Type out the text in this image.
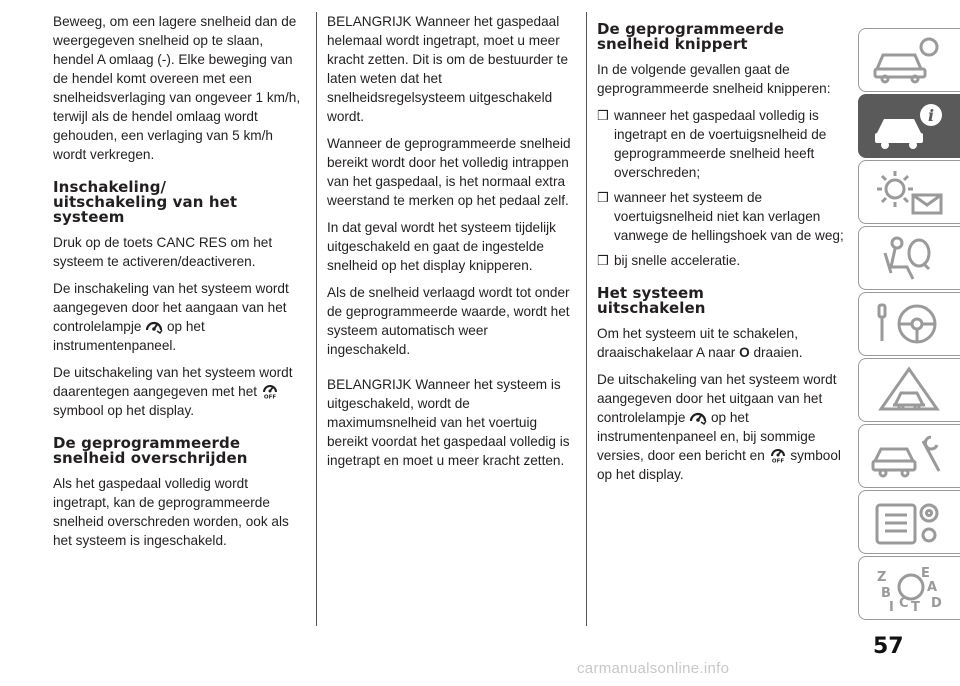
Beweeg, om een lagere snelheid dan de weergegeven snelheid op te slaan, hendel A omlaag (-). Elke beweging van de hendel komt overeen met een snelheidsverlaging van ongeveer 1 km/h, terwijl als de hendel omlaag wordt gehouden, een verlaging van 5 km/h wordt verkregen.

Inschakeling/
uitschakeling van het
systeem

Druk op de toets CANC RES om het systeem te activeren/deactiveren.

De inschakeling van het systeem wordt aangegeven door het aangaan van het controlelampje op het instrumentenpaneel.

De uitschakeling van het systeem wordt daarentegen aangegeven met het OFF
symbool op het display.

De geprogrammeerde
snelheid overschrijden

Als het gaspedaal volledig wordt ingetrapt, kan de geprogrammeerde snelheid overschreden worden, ook als het systeem is ingeschakeld.

BELANGRIJK Wanneer het gaspedaal helemaal wordt ingetrapt, moet u meer kracht zetten. Dit is om de bestuurder te laten weten dat het snelheidsregelsysteem uitgeschakeld wordt.

Wanneer de geprogrammeerde snelheid bereikt wordt door het volledig intrappen van het gaspedaal, is het normaal extra weerstand te merken op het pedaal zelf.

In dat geval wordt het systeem tijdelijk uitgeschakeld en gaat de ingestelde snelheid op het display knipperen.

Als de snelheid verlaagd wordt tot onder de geprogrammeerde waarde, wordt het systeem automatisch weer ingeschakeld.

BELANGRIJK Wanneer het systeem is uitgeschakeld, wordt de maximumsnelheid van het voertuig bereikt voordat het gaspedaal volledig is ingetrapt en moet u meer kracht zetten.

De geprogrammeerde
snelheid knippert

In de volgende gevallen gaat de geprogrammeerde snelheid knipperen:

❒ wanneer het gaspedaal volledig is ingetrapt en de voertuigsnelheid de geprogrammeerde snelheid heeft overschreden;
❒ wanneer het systeem de voertuigsnelheid niet kan verlagen vanwege de hellingshoek van de weg;
❒ bij snelle acceleratie.
Het systeem
uitschakelen

Om het systeem uit te schakelen, draaischakelaar A naar O draaien.

De uitschakeling van het systeem wordt aangegeven door het uitgaan van het controlelampje op het instrumentenpaneel en, bij sommige versies, door een bericht en OFF symbool op het display.

i
Z	E
A
B
C D
T
I
57
carmanualsonline.info
